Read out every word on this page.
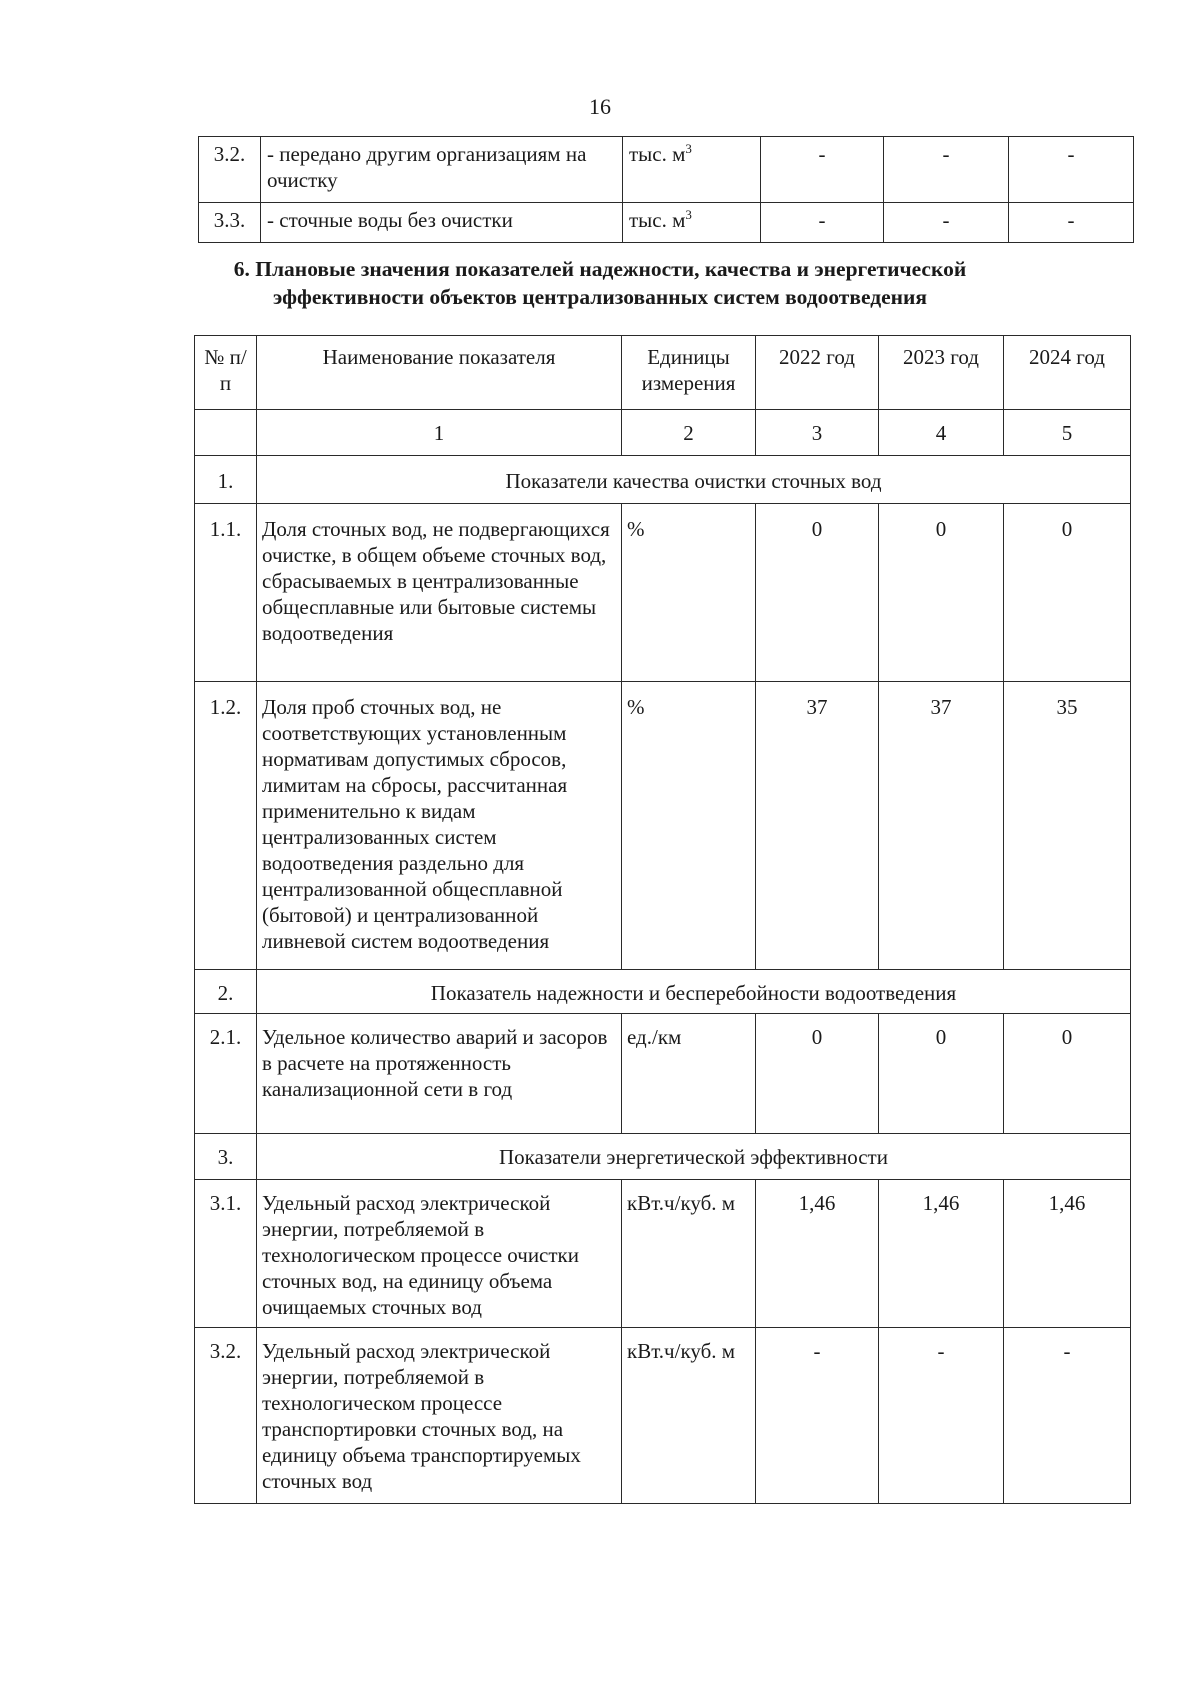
16
3.2.	- передано другим организациям на очистку	тыс. $м^3$	-	-	-
3.3.	- сточные воды без очистки	тыс. $м^3$	-	-	-
6. Плановые значения показателей надежности, качества и энергетической
эффективности объектов централизованных систем водоотведения
№ п/п	Наименование показателя	Единицы измерения	2022 год	2023 год	2024 год
	1	2	3	4	5
1.	Показатели качества очистки сточных вод				
1.1.	Доля сточных вод, не подвергающихся очистке, в общем объеме сточных вод, сбрасываемых в централизованные общесплавные или бытовые системы водоотведения	%	0	0	0
1.2.	Доля проб сточных вод, не соответствующих установленным нормативам допустимых сбросов, лимитам на сбросы, рассчитанная применительно к видам централизованных систем водоотведения раздельно для централизованной общесплавной (бытовой) и централизованной ливневой систем водоотведения	%	37	37	35
2.	Показатель надежности и бесперебойности водоотведения				
2.1.	Удельное количество аварий и засоров в расчете на протяженность канализационной сети в год	ед./км	0	0	0
3.	Показатели энергетической эффективности				
3.1.	Удельный расход электрической энергии, потребляемой в технологическом процессе очистки сточных вод, на единицу объема очищаемых сточных вод	кВт.ч/куб. м	1,46	1,46	1,46
3.2.	Удельный расход электрической энергии, потребляемой в технологическом процессе транспортировки сточных вод, на единицу объема транспортируемых сточных вод	кВт.ч/куб. м	-	-	-
